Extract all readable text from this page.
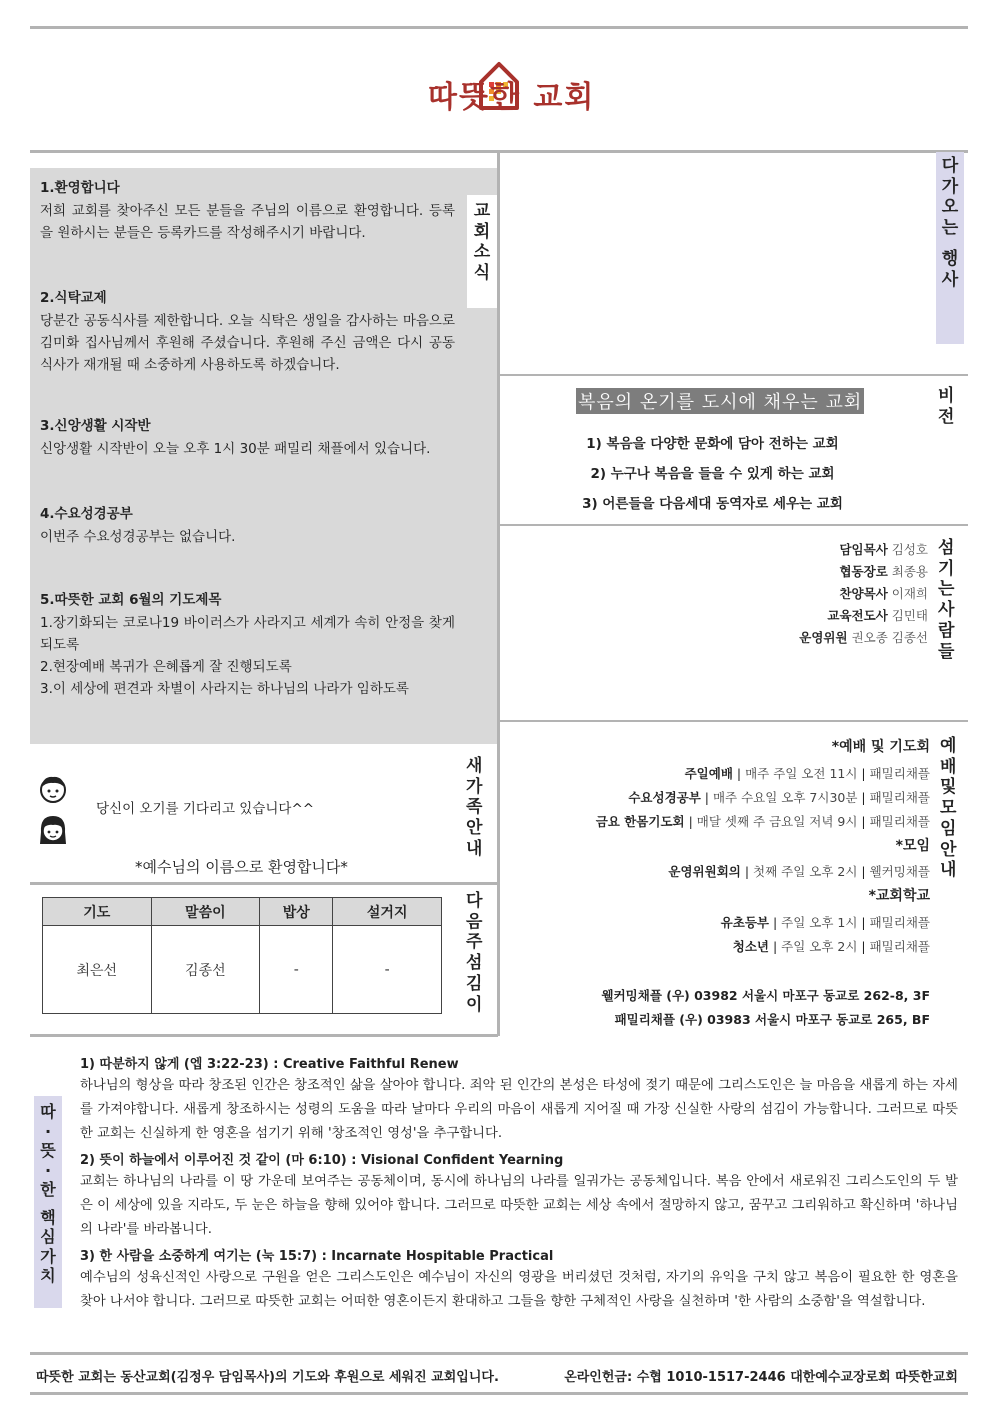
따뜻한 교회
1.환영합니다

저희 교회를 찾아주신 모든 분들을 주님의 이름으로 환영합니다. 등록을 원하시는 분들은 등록카드를 작성해주시기 바랍니다.

2.식탁교제

당분간 공동식사를 제한합니다. 오늘 식탁은 생일을 감사하는 마음으로 김미화 집사님께서 후원해 주셨습니다. 후원해 주신 금액은 다시 공동식사가 재개될 때 소중하게 사용하도록 하겠습니다.

3.신앙생활 시작반

신앙생활 시작반이 오늘 오후 1시 30분 패밀리 채플에서 있습니다.

4.수요성경공부

이번주 수요성경공부는 없습니다.

5.따뜻한 교회 6월의 기도제목

1.장기화되는 코로나19 바이러스가 사라지고 세계가 속히 안정을 찾게 되도록

2.현장예배 복귀가 은혜롭게 잘 진행되도록

3.이 세상에 편견과 차별이 사라지는 하나님의 나라가 임하도록

교
회
소
식
다
가
오
는
행
사
복음의 온기를 도시에 채우는 교회
1) 복음을 다양한 문화에 담아 전하는 교회
2) 누구나 복음을 들을 수 있게 하는 교회
3) 어른들을 다음세대 동역자로 세우는 교회
비
전
담임목사 김성호
협동장로 최종용
찬양목사 이재희
교육전도사 김민태
운영위원 권오종 김종선
섬
기
는
사
람
들
*예배 및 기도회
주일예배 | 매주 주일 오전 11시 | 패밀리채플
수요성경공부 | 매주 수요일 오후 7시30분 | 패밀리채플
금요 한몸기도회 | 매달 셋째 주 금요일 저녁 9시 | 패밀리채플
*모임
운영위원회의 | 첫째 주일 오후 2시 | 웰커밍채플
*교회학교
유초등부 | 주일 오후 1시 | 패밀리채플
청소년 | 주일 오후 2시 | 패밀리채플
웰커밍채플 (우) 03982 서울시 마포구 동교로 262-8, 3F
패밀리채플 (우) 03983 서울시 마포구 동교로 265, BF
예
배
및
모
임
안
내
당신이 오기를 기다리고 있습니다^^
*예수님의 이름으로 환영합니다*
새
가
족
안
내
기도	말씀이	밥상	설거지
최은선	김종선	-	-
다
음
주
섬
김
이
따
·
뜻
·
한
핵
심
가
치
1) 따분하지 않게 (엡 3:22-23) : Creative Faithful Renew
하나님의 형상을 따라 창조된 인간은 창조적인 삶을 살아야 합니다. 죄악 된 인간의 본성은 타성에 젖기 때문에 그리스도인은 늘 마음을 새롭게 하는 자세를 가져야합니다. 새롭게 창조하시는 성령의 도움을 따라 날마다 우리의 마음이 새롭게 지어질 때 가장 신실한 사랑의 섬김이 가능합니다. 그러므로 따뜻한 교회는 신실하게 한 영혼을 섬기기 위해 '창조적인 영성'을 추구합니다.
2) 뜻이 하늘에서 이루어진 것 같이 (마 6:10) : Visional Confident Yearning
교회는 하나님의 나라를 이 땅 가운데 보여주는 공동체이며, 동시에 하나님의 나라를 일궈가는 공동체입니다. 복음 안에서 새로워진 그리스도인의 두 발은 이 세상에 있을 지라도, 두 눈은 하늘을 향해 있어야 합니다. 그러므로 따뜻한 교회는 세상 속에서 절망하지 않고, 꿈꾸고 그리워하고 확신하며 '하나님의 나라'를 바라봅니다.
3) 한 사람을 소중하게 여기는 (눅 15:7) : Incarnate Hospitable Practical
예수님의 성육신적인 사랑으로 구원을 얻은 그리스도인은 예수님이 자신의 영광을 버리셨던 것처럼, 자기의 유익을 구치 않고 복음이 필요한 한 영혼을 찾아 나서야 합니다. 그러므로 따뜻한 교회는 어떠한 영혼이든지 환대하고 그들을 향한 구체적인 사랑을 실천하며 '한 사람의 소중함'을 역설합니다.
따뜻한 교회는 동산교회(김정우 담임목사)의 기도와 후원으로 세워진 교회입니다.	온라인헌금: 수협 1010-1517-2446 대한예수교장로회 따뜻한교회
